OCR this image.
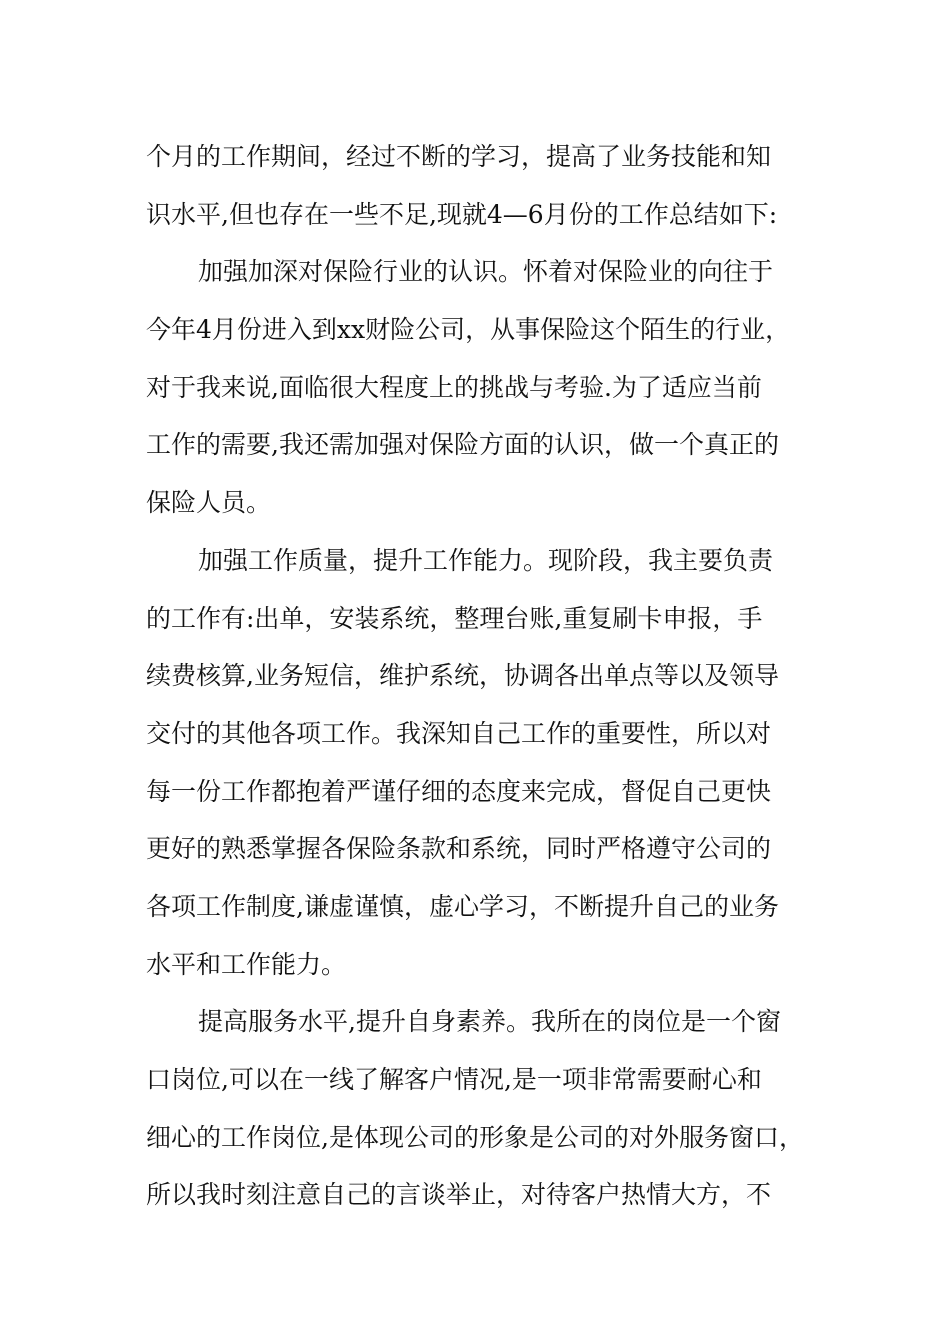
个月的工作期间，经过不断的学习，提高了业务技能和知
识水平,但也存在一些不足,现就4—6月份的工作总结如下:
加强加深对保险行业的认识。怀着对保险业的向往于
今年4月份进入到xx财险公司，从事保险这个陌生的行业，
对于我来说,面临很大程度上的挑战与考验.为了适应当前
工作的需要,我还需加强对保险方面的认识，做一个真正的
保险人员。
加强工作质量，提升工作能力。现阶段，我主要负责
的工作有:出单，安装系统，整理台账,重复刷卡申报，手
续费核算,业务短信，维护系统，协调各出单点等以及领导
交付的其他各项工作。我深知自己工作的重要性，所以对
每一份工作都抱着严谨仔细的态度来完成，督促自己更快
更好的熟悉掌握各保险条款和系统，同时严格遵守公司的
各项工作制度,谦虚谨慎，虚心学习，不断提升自己的业务
水平和工作能力。
提高服务水平,提升自身素养。我所在的岗位是一个窗
口岗位,可以在一线了解客户情况,是一项非常需要耐心和
细心的工作岗位,是体现公司的形象是公司的对外服务窗口，
所以我时刻注意自己的言谈举止，对待客户热情大方，不
